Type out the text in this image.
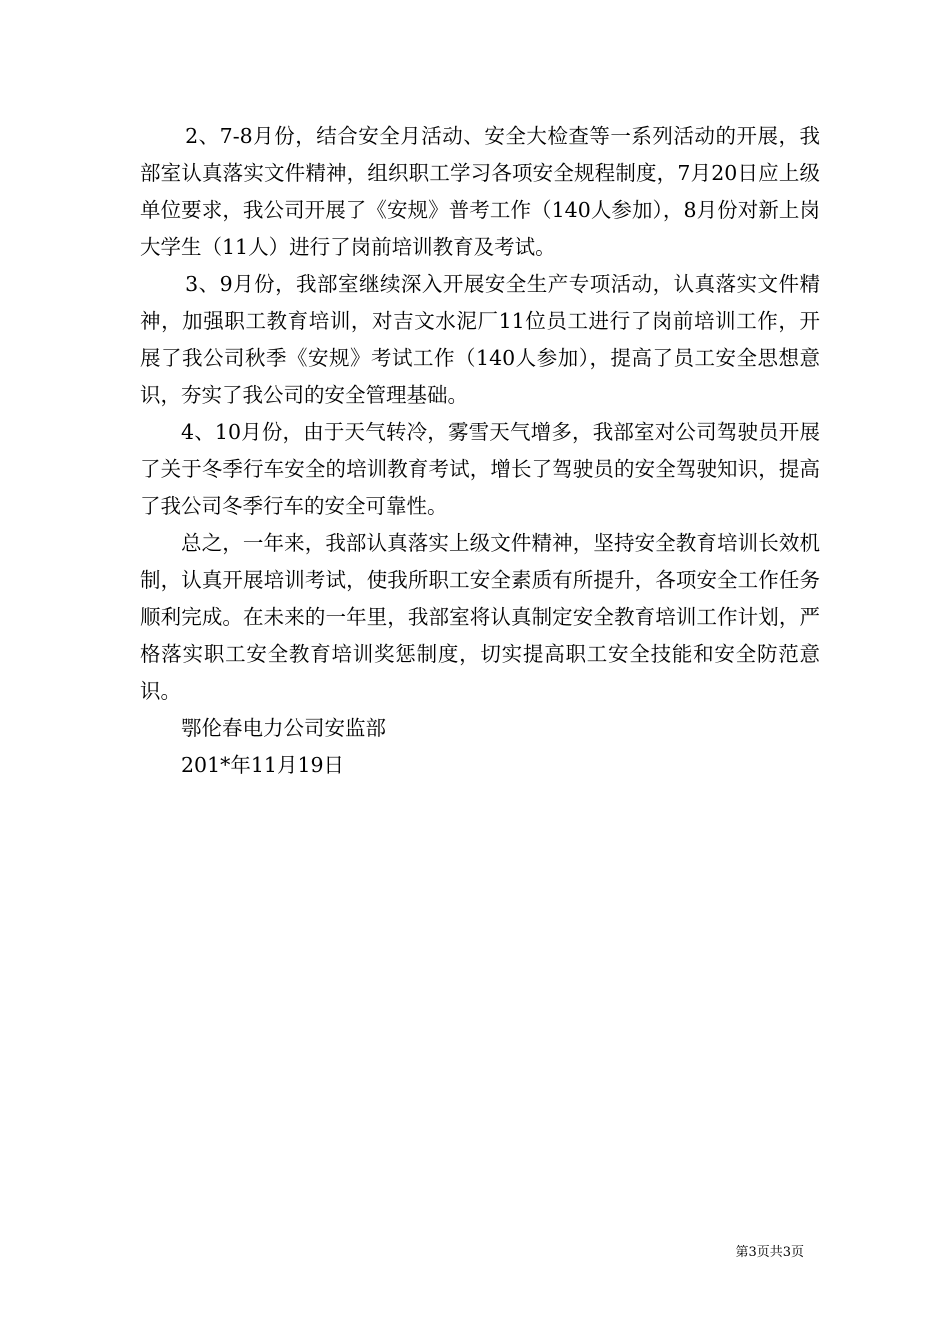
2、7-8月份，结合安全月活动、安全大检查等一系列活动的开展，我部室认真落实文件精神，组织职工学习各项安全规程制度，7月20日应上级单位要求，我公司开展了《安规》普考工作（140人参加），8月份对新上岗大学生（11人）进行了岗前培训教育及考试。

3、9月份，我部室继续深入开展安全生产专项活动，认真落实文件精神，加强职工教育培训，对吉文水泥厂11位员工进行了岗前培训工作，开展了我公司秋季《安规》考试工作（140人参加），提高了员工安全思想意识，夯实了我公司的安全管理基础。

4、10月份，由于天气转冷，雾雪天气增多，我部室对公司驾驶员开展了关于冬季行车安全的培训教育考试，增长了驾驶员的安全驾驶知识，提高了我公司冬季行车的安全可靠性。

总之，一年来，我部认真落实上级文件精神，坚持安全教育培训长效机制，认真开展培训考试，使我所职工安全素质有所提升，各项安全工作任务顺利完成。在未来的一年里，我部室将认真制定安全教育培训工作计划，严格落实职工安全教育培训奖惩制度，切实提高职工安全技能和安全防范意识。

鄂伦春电力公司安监部

201*年11月19日

第3页共3页
